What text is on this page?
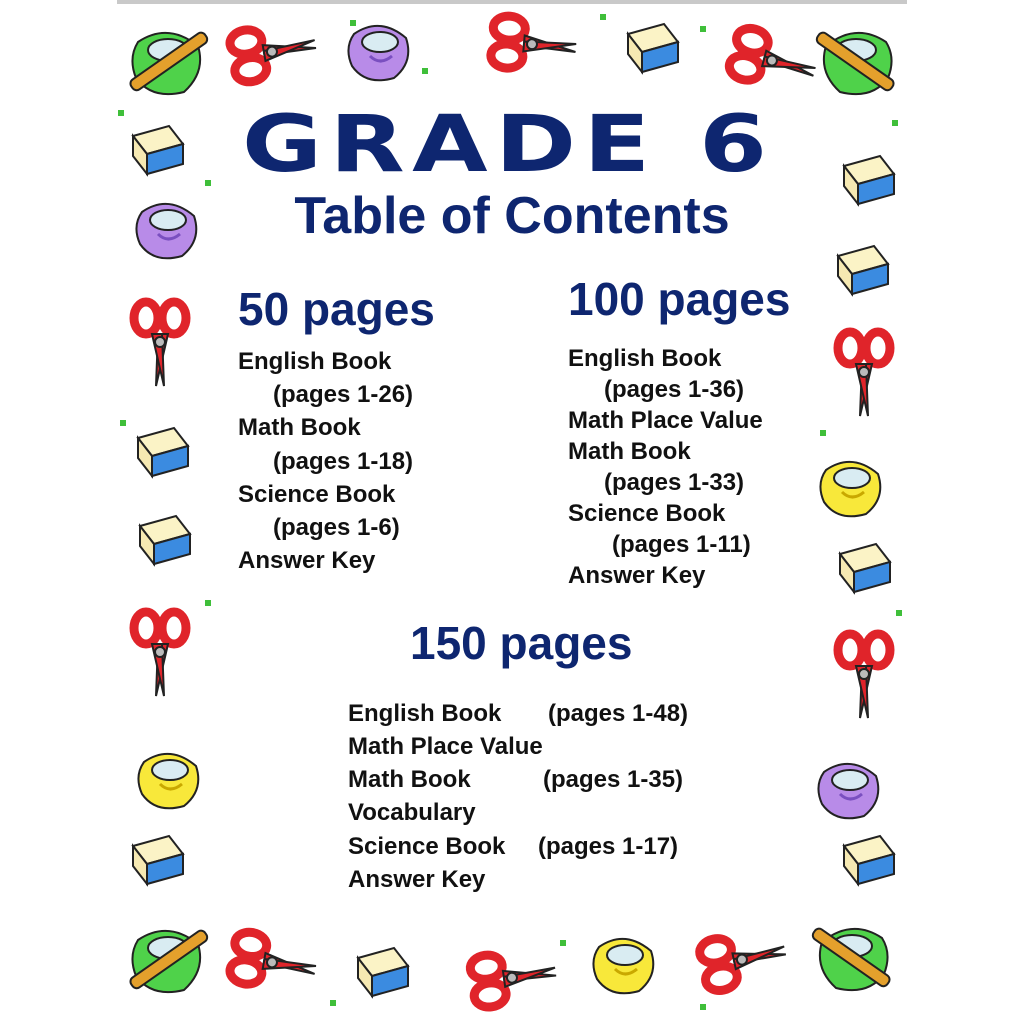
GRADE 6
Table of Contents
50 pages
English Book
(pages 1-26)
Math Book
(pages 1-18)
Science Book
(pages 1-6)
Answer Key
100 pages
English Book
(pages 1-36)
Math Place Value
Math Book
(pages 1-33)
Science Book
(pages 1-11)
Answer Key
150 pages
English Book (pages 1-48)
Math Place Value
Math Book	(pages 1-35)
Vocabulary
Science Book (pages 1-17)
Answer Key
